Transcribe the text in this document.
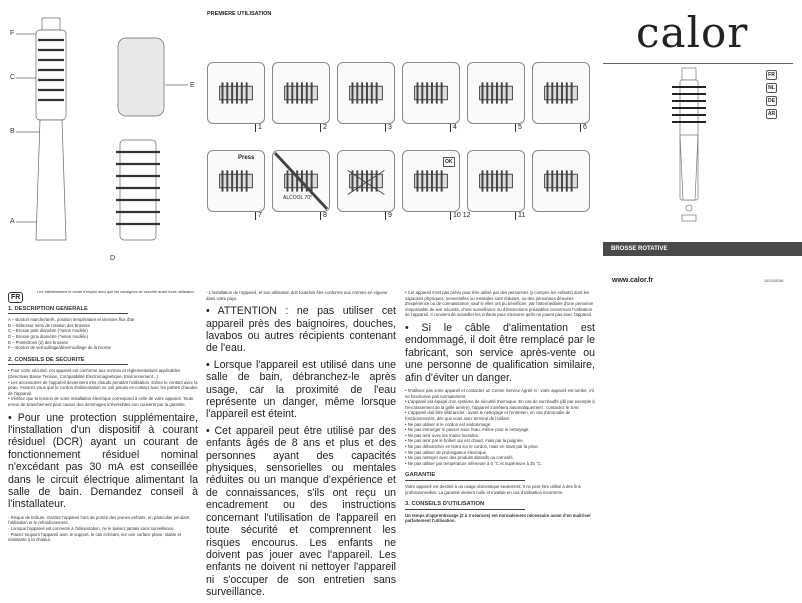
F
C
B
A
E
D
PREMIERE UTILISATION
1	2	3	4	5	6
Press
7
ALCOOL 70°
8	9
OK
10 12	11
calor
FR
NL
DE
AR
BROSSE ROTATIVE
www.calor.fr	1820008386
FR
Lire attentivement le mode d'emploi ainsi que les consignes de sécurité avant toute utilisation.
1. DESCRIPTION GENERALE
A – Bouton marche/arrêt, position température et vitesses flux d'air
B – Sélecteur sens de rotation des brosses
C – Brosse petit diamètre (*selon modèle)
D – Brosse gros diamètre (*selon modèle)
E – Protections (2) des brosses
F – Bouton de verrouillage/déverrouillage de la brosse
2. CONSEILS DE SECURITE
• Pour votre sécurité, cet appareil est conforme aux normes et réglementations applicables (Directives Basse Tension, Compatibilité Electromagnétique, Environnement...).
• Les accessoires de l'appareil deviennent très chauds pendant l'utilisation. Evitez le contact avec la peau. Assurez-vous que le cordon d'alimentation ne soit jamais en contact avec les parties chaudes de l'appareil.
• Vérifiez que la tension de votre installation électrique correspond à celle de votre appareil. Toute erreur de branchement peut causer des dommages irréversibles non couverts par la garantie.
• Pour une protection supplémentaire, l'installation d'un dispositif à courant résiduel (DCR) ayant un courant de fonctionnement résiduel nominal n'excédant pas 30 mA est conseillée dans le circuit électrique alimentant la salle de bain. Demandez conseil à l'installateur.
- Risque de brûlure. Gardez l'appareil hors de portée des jeunes enfants, en particulier pendant l'utilisation et le refroidissement.
- Lorsque l'appareil est connecté à l'alimentation, ne le laissez jamais sans surveillance.
- Placez toujours l'appareil avec le support, le cas échéant, sur une surface plane, stable et résistante à la chaleur.
- L'installation de l'appareil, et son utilisation doit toutefois être conforme aux normes en vigueur dans votre pays.
• ATTENTION : ne pas utiliser cet appareil près des baignoires, douches, lavabos ou autres récipients contenant de l'eau.
• Lorsque l'appareil est utilisé dans une salle de bain, débranchez-le après usage, car la proximité de l'eau représente un danger, même lorsque l'appareil est éteint.
• Cet appareil peut être utilisé par des enfants âgés de 8 ans et plus et des personnes ayant des capacités physiques, sensorielles ou mentales réduites ou un manque d'expérience et de connaissances, s'ils ont reçu un encadrement ou des instructions concernant l'utilisation de l'appareil en toute sécurité et comprennent les risques encourus. Les enfants ne doivent pas jouer avec l'appareil. Les enfants ne doivent ni nettoyer l'appareil ni s'occuper de son entretien sans surveillance.
• Cet appareil n'est pas prévu pour être utilisé par des personnes (y compris les enfants) dont les capacités physiques, sensorielles ou mentales sont réduites, ou des personnes dénuées d'expérience ou de connaissance, sauf si elles ont pu bénéficier, par l'intermédiaire d'une personne responsable de leur sécurité, d'une surveillance ou d'instructions préalables concernant l'utilisation de l'appareil. Il convient de surveiller les enfants pour s'assurer qu'ils ne jouent pas avec l'appareil.
• Si le câble d'alimentation est endommagé, il doit être remplacé par le fabricant, son service après-vente ou une personne de qualification similaire, afin d'éviter un danger.
• N'utilisez pas votre appareil et contactez un Centre Service Agréé si : votre appareil est tombé, s'il ne fonctionne pas normalement.
• L'appareil est équipé d'un système de sécurité thermique. En cas de surchauffe (dû par exemple à l'encrassement de la grille arrière), l'appareil s'arrêtera automatiquement : contactez le SAV.
• L'appareil doit être débranché : avant le nettoyage et l'entretien, en cas d'anomalie de fonctionnement, dès que vous avez terminé de l'utiliser.
• Ne pas utiliser si le cordon est endommagé.
• Ne pas immerger ni passer sous l'eau, même pour le nettoyage.
• Ne pas tenir avec les mains humides.
• Ne pas tenir par le boîtier qui est chaud, mais par la poignée.
• Ne pas débrancher en tirant sur le cordon, mais en tirant par la prise.
• Ne pas utiliser de prolongateur électrique.
• Ne pas nettoyer avec des produits abrasifs ou corrosifs.
• Ne pas utiliser par température inférieure à 0 °C et supérieure à 35 °C.
GARANTIE
Votre appareil est destiné à un usage domestique seulement. Il ne peut être utilisé à des fins professionnelles. La garantie devient nulle et invalide en cas d'utilisation incorrecte.
3. CONSEILS D'UTILISATION
Un temps d'apprentissage (2 à 3 séances) est normalement nécessaire avant d'en maîtriser parfaitement l'utilisation.
